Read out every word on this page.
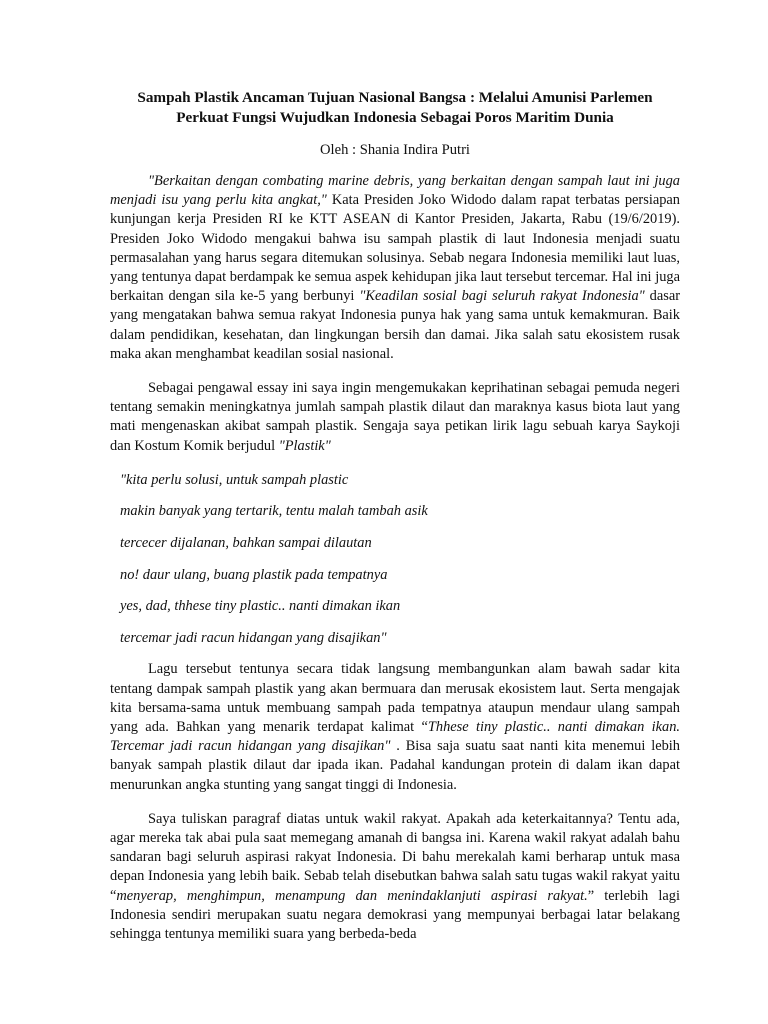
Sampah Plastik Ancaman Tujuan Nasional Bangsa : Melalui Amunisi Parlemen
Perkuat Fungsi Wujudkan Indonesia Sebagai Poros Maritim Dunia
Oleh : Shania Indira Putri

"Berkaitan dengan combating marine debris, yang berkaitan dengan sampah laut ini juga menjadi isu yang perlu kita angkat," Kata Presiden Joko Widodo dalam rapat terbatas persiapan kunjungan kerja Presiden RI ke KTT ASEAN di Kantor Presiden, Jakarta, Rabu (19/6/2019). Presiden Joko Widodo mengakui bahwa isu sampah plastik di laut Indonesia menjadi suatu permasalahan yang harus segara ditemukan solusinya. Sebab negara Indonesia memiliki laut luas, yang tentunya dapat berdampak ke semua aspek kehidupan jika laut tersebut tercemar. Hal ini juga berkaitan dengan sila ke-5 yang berbunyi "Keadilan sosial bagi seluruh rakyat Indonesia" dasar yang mengatakan bahwa semua rakyat Indonesia punya hak yang sama untuk kemakmuran. Baik dalam pendidikan, kesehatan, dan lingkungan bersih dan damai. Jika salah satu ekosistem rusak maka akan menghambat keadilan sosial nasional.

Sebagai pengawal essay ini saya ingin mengemukakan keprihatinan sebagai pemuda negeri tentang semakin meningkatnya jumlah sampah plastik dilaut dan maraknya kasus biota laut yang mati mengenaskan akibat sampah plastik. Sengaja saya petikan lirik lagu sebuah karya Saykoji dan Kostum Komik berjudul "Plastik"

"kita perlu solusi, untuk sampah plastic
makin banyak yang tertarik, tentu malah tambah asik
tercecer dijalanan, bahkan sampai dilautan
no! daur ulang, buang plastik pada tempatnya
yes, dad, thhese tiny plastic.. nanti dimakan ikan
tercemar jadi racun hidangan yang disajikan"

Lagu tersebut tentunya secara tidak langsung membangunkan alam bawah sadar kita tentang dampak sampah plastik yang akan bermuara dan merusak ekosistem laut. Serta mengajak kita bersama-sama untuk membuang sampah pada tempatnya ataupun mendaur ulang sampah yang ada. Bahkan yang menarik terdapat kalimat “Thhese tiny plastic.. nanti dimakan ikan. Tercemar jadi racun hidangan yang disajikan" . Bisa saja suatu saat nanti kita menemui lebih banyak sampah plastik dilaut dar ipada ikan. Padahal kandungan protein di dalam ikan dapat menurunkan angka stunting yang sangat tinggi di Indonesia.

Saya tuliskan paragraf diatas untuk wakil rakyat. Apakah ada keterkaitannya? Tentu ada, agar mereka tak abai pula saat memegang amanah di bangsa ini. Karena wakil rakyat adalah bahu sandaran bagi seluruh aspirasi rakyat Indonesia. Di bahu merekalah kami berharap untuk masa depan Indonesia yang lebih baik. Sebab telah disebutkan bahwa salah satu tugas wakil rakyat yaitu “menyerap, menghimpun, menampung dan menindaklanjuti aspirasi rakyat.” terlebih lagi Indonesia sendiri merupakan suatu negara demokrasi yang mempunyai berbagai latar belakang sehingga tentunya memiliki suara yang berbeda-beda
